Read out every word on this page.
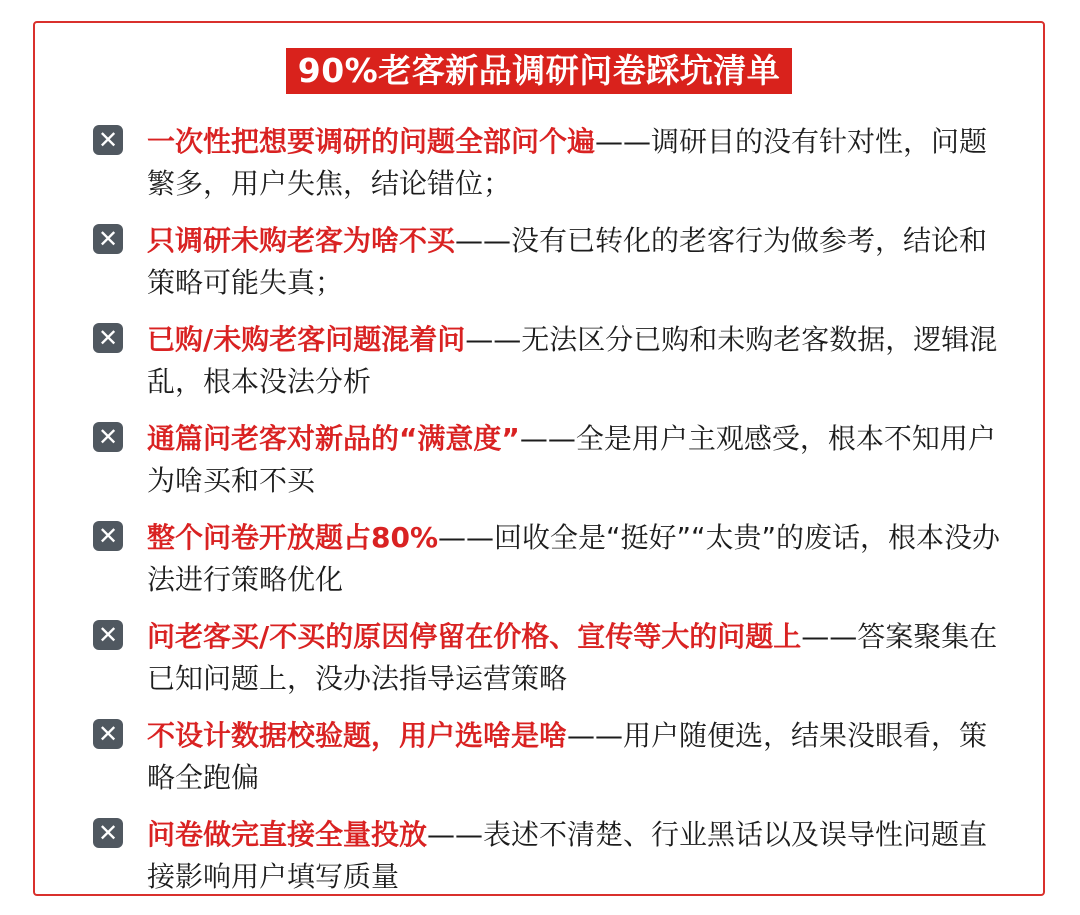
90%老客新品调研问卷踩坑清单
✕ 一次性把想要调研的问题全部问个遍——调研目的没有针对性，问题繁多，用户失焦，结论错位；
✕ 只调研未购老客为啥不买——没有已转化的老客行为做参考，结论和策略可能失真；
✕ 已购/未购老客问题混着问——无法区分已购和未购老客数据，逻辑混乱，根本没法分析
✕ 通篇问老客对新品的“满意度”——全是用户主观感受，根本不知用户为啥买和不买
✕ 整个问卷开放题占80%——回收全是“挺好”“太贵”的废话，根本没办法进行策略优化
✕ 问老客买/不买的原因停留在价格、宣传等大的问题上——答案聚集在已知问题上，没办法指导运营策略
✕ 不设计数据校验题，用户选啥是啥——用户随便选，结果没眼看，策略全跑偏
✕ 问卷做完直接全量投放——表述不清楚、行业黑话以及误导性问题直接影响用户填写质量
